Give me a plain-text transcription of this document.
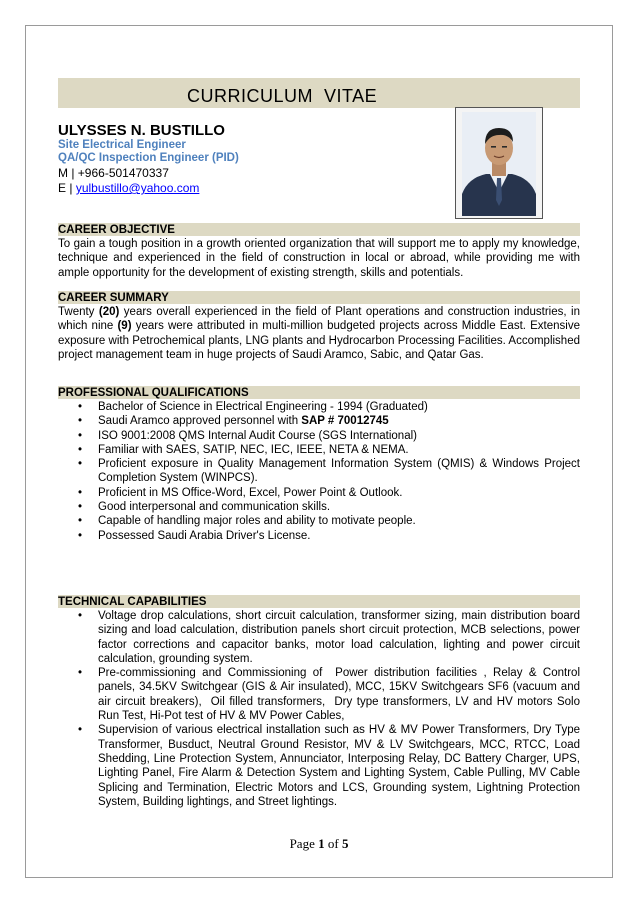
CURRICULUM  VITAE
ULYSSES N. BUSTILLO
Site Electrical Engineer
QA/QC Inspection Engineer (PID)
M | +966-501470337
E | yulbustillo@yahoo.com
CAREER OBJECTIVE
To gain a tough position in a growth oriented organization that will support me to apply my knowledge, technique and experienced in the field of construction in local or abroad, while providing me with ample opportunity for the development of existing strength, skills and potentials.
CAREER SUMMARY
Twenty (20) years overall experienced in the field of Plant operations and construction industries, in which nine (9) years were attributed in multi-million budgeted projects across Middle East. Extensive exposure with Petrochemical plants, LNG plants and Hydrocarbon Processing Facilities. Accomplished project management team in huge projects of Saudi Aramco, Sabic, and Qatar Gas.
PROFESSIONAL QUALIFICATIONS
• Bachelor of Science in Electrical Engineering - 1994 (Graduated)
• Saudi Aramco approved personnel with SAP # 70012745
• ISO 9001:2008 QMS Internal Audit Course (SGS International)
• Familiar with SAES, SATIP, NEC, IEC, IEEE, NETA & NEMA.
• Proficient exposure in Quality Management Information System (QMIS) & Windows Project Completion System (WINPCS).
• Proficient in MS Office-Word, Excel, Power Point & Outlook.
• Good interpersonal and communication skills.
• Capable of handling major roles and ability to motivate people.
• Possessed Saudi Arabia Driver's License.
TECHNICAL CAPABILITIES
• Voltage drop calculations, short circuit calculation, transformer sizing, main distribution board sizing and load calculation, distribution panels short circuit protection, MCB selections, power factor corrections and capacitor banks, motor load calculation, lighting and power circuit calculation, grounding system.
• Pre-commissioning and Commissioning of  Power distribution facilities , Relay & Control panels, 34.5KV Switchgear (GIS & Air insulated), MCC, 15KV Switchgears SF6 (vacuum and air circuit breakers),  Oil filled transformers,  Dry type transformers, LV and HV motors Solo Run Test, Hi-Pot test of HV & MV Power Cables,
• Supervision of various electrical installation such as HV & MV Power Transformers, Dry Type Transformer, Busduct, Neutral Ground Resistor, MV & LV Switchgears, MCC, RTCC, Load Shedding, Line Protection System, Annunciator, Interposing Relay, DC Battery Charger, UPS,  Lighting Panel, Fire Alarm & Detection System and Lighting System, Cable Pulling, MV Cable Splicing and Termination, Electric Motors and LCS, Grounding system, Lightning Protection System, Building lightings, and Street lightings.
Page 1 of 5
